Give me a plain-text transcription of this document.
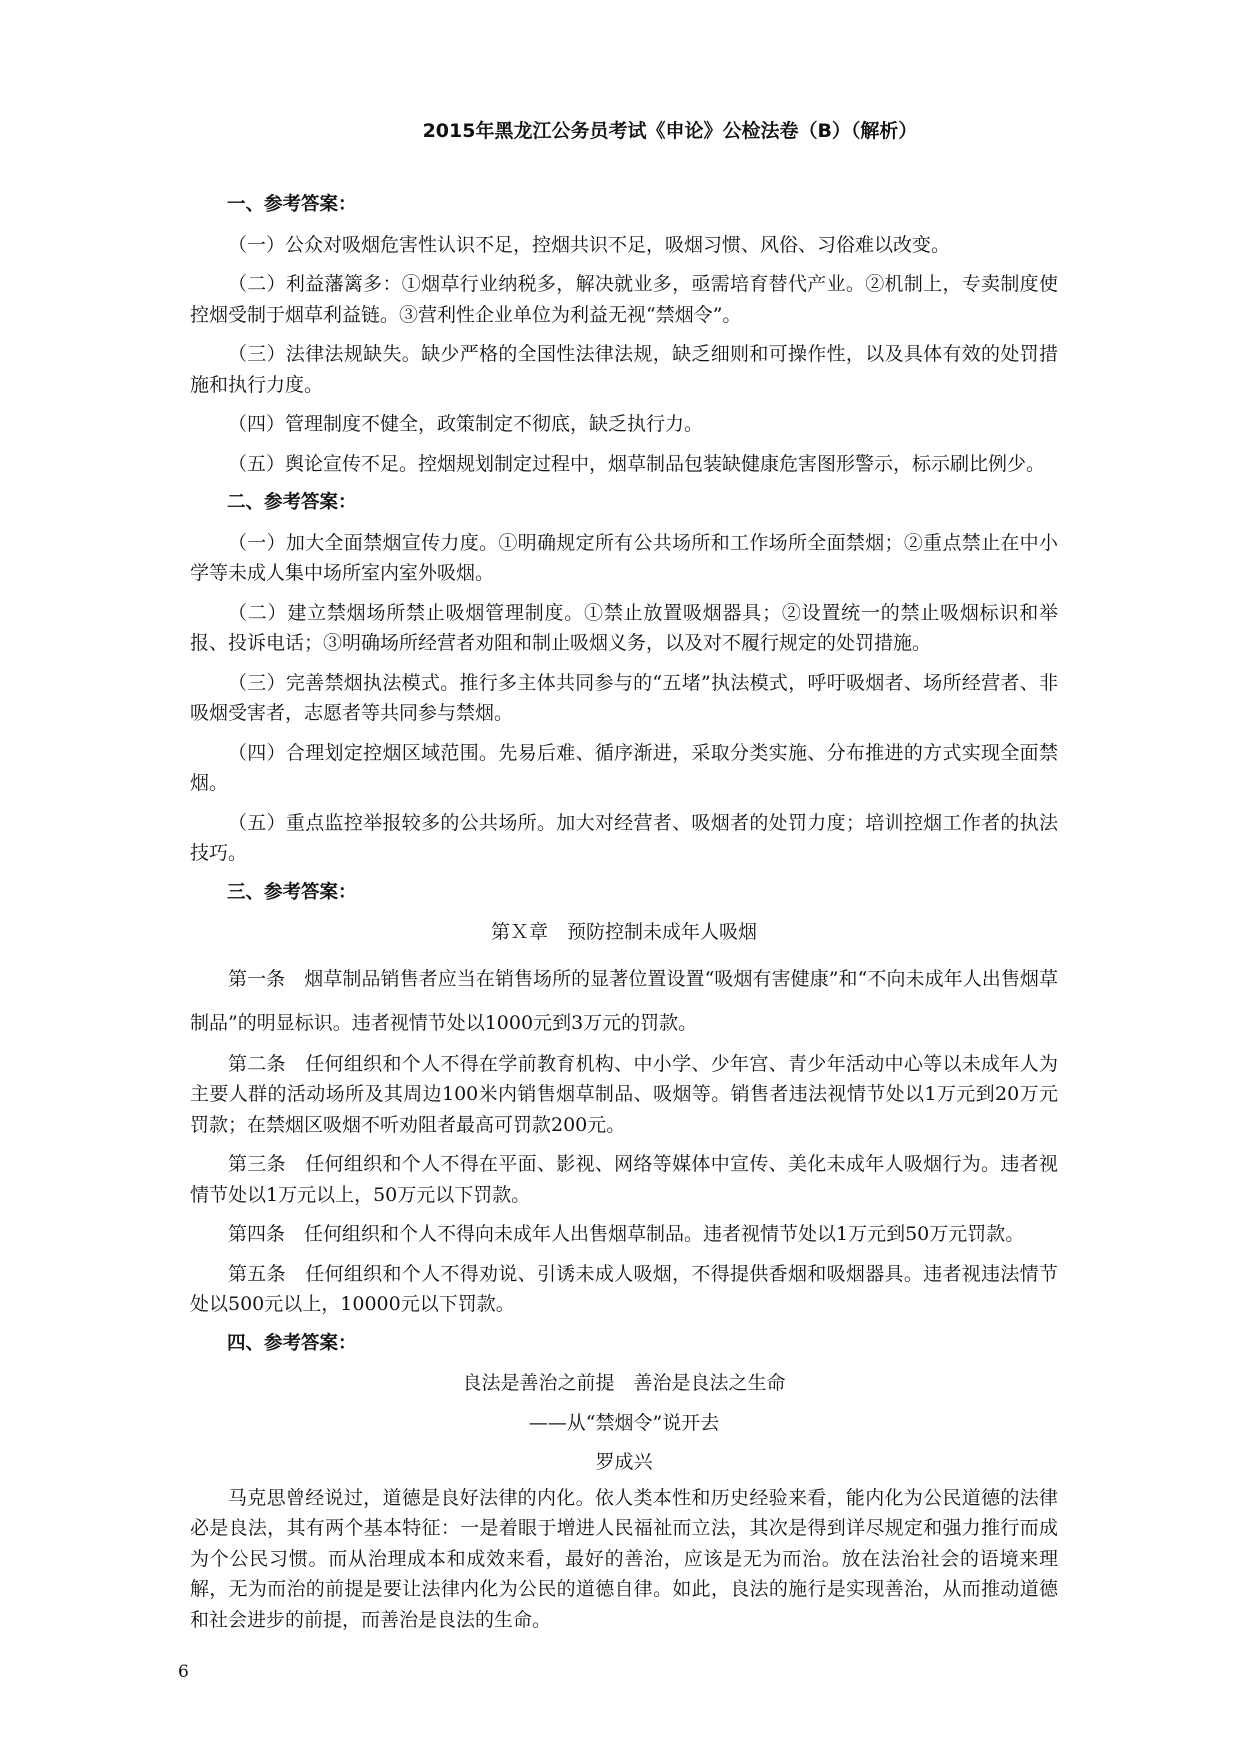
2015年黑龙江公务员考试《申论》公检法卷（B）（解析）
一、参考答案：
（一）公众对吸烟危害性认识不足，控烟共识不足，吸烟习惯、风俗、习俗难以改变。
（二）利益藩篱多：①烟草行业纳税多，解决就业多，亟需培育替代产业。②机制上，专卖制度使控烟受制于烟草利益链。③营利性企业单位为利益无视“禁烟令”。
（三）法律法规缺失。缺少严格的全国性法律法规，缺乏细则和可操作性，以及具体有效的处罚措施和执行力度。
（四）管理制度不健全，政策制定不彻底，缺乏执行力。
（五）舆论宣传不足。控烟规划制定过程中，烟草制品包装缺健康危害图形警示，标示刷比例少。
二、参考答案：
（一）加大全面禁烟宣传力度。①明确规定所有公共场所和工作场所全面禁烟；②重点禁止在中小学等未成人集中场所室内室外吸烟。
（二）建立禁烟场所禁止吸烟管理制度。①禁止放置吸烟器具；②设置统一的禁止吸烟标识和举报、投诉电话；③明确场所经营者劝阻和制止吸烟义务，以及对不履行规定的处罚措施。
（三）完善禁烟执法模式。推行多主体共同参与的“五堵”执法模式，呼吁吸烟者、场所经营者、非吸烟受害者，志愿者等共同参与禁烟。
（四）合理划定控烟区域范围。先易后难、循序渐进，采取分类实施、分布推进的方式实现全面禁烟。
（五）重点监控举报较多的公共场所。加大对经营者、吸烟者的处罚力度；培训控烟工作者的执法技巧。
三、参考答案：
第Ｘ章　预防控制未成年人吸烟
第一条　烟草制品销售者应当在销售场所的显著位置设置“吸烟有害健康”和“不向未成年人出售烟草制品”的明显标识。违者视情节处以1000元到3万元的罚款。
第二条　任何组织和个人不得在学前教育机构、中小学、少年宫、青少年活动中心等以未成年人为主要人群的活动场所及其周边100米内销售烟草制品、吸烟等。销售者违法视情节处以1万元到20万元罚款；在禁烟区吸烟不听劝阻者最高可罚款200元。
第三条　任何组织和个人不得在平面、影视、网络等媒体中宣传、美化未成年人吸烟行为。违者视情节处以1万元以上，50万元以下罚款。
第四条　任何组织和个人不得向未成年人出售烟草制品。违者视情节处以1万元到50万元罚款。
第五条　任何组织和个人不得劝说、引诱未成人吸烟，不得提供香烟和吸烟器具。违者视违法情节处以500元以上，10000元以下罚款。
四、参考答案：
良法是善治之前提　善治是良法之生命
——从“禁烟令”说开去
罗成兴
马克思曾经说过，道德是良好法律的内化。依人类本性和历史经验来看，能内化为公民道德的法律必是良法，其有两个基本特征：一是着眼于增进人民福祉而立法，其次是得到详尽规定和强力推行而成为个公民习惯。而从治理成本和成效来看，最好的善治，应该是无为而治。放在法治社会的语境来理解，无为而治的前提是要让法律内化为公民的道德自律。如此，良法的施行是实现善治，从而推动道德和社会进步的前提，而善治是良法的生命。
6
